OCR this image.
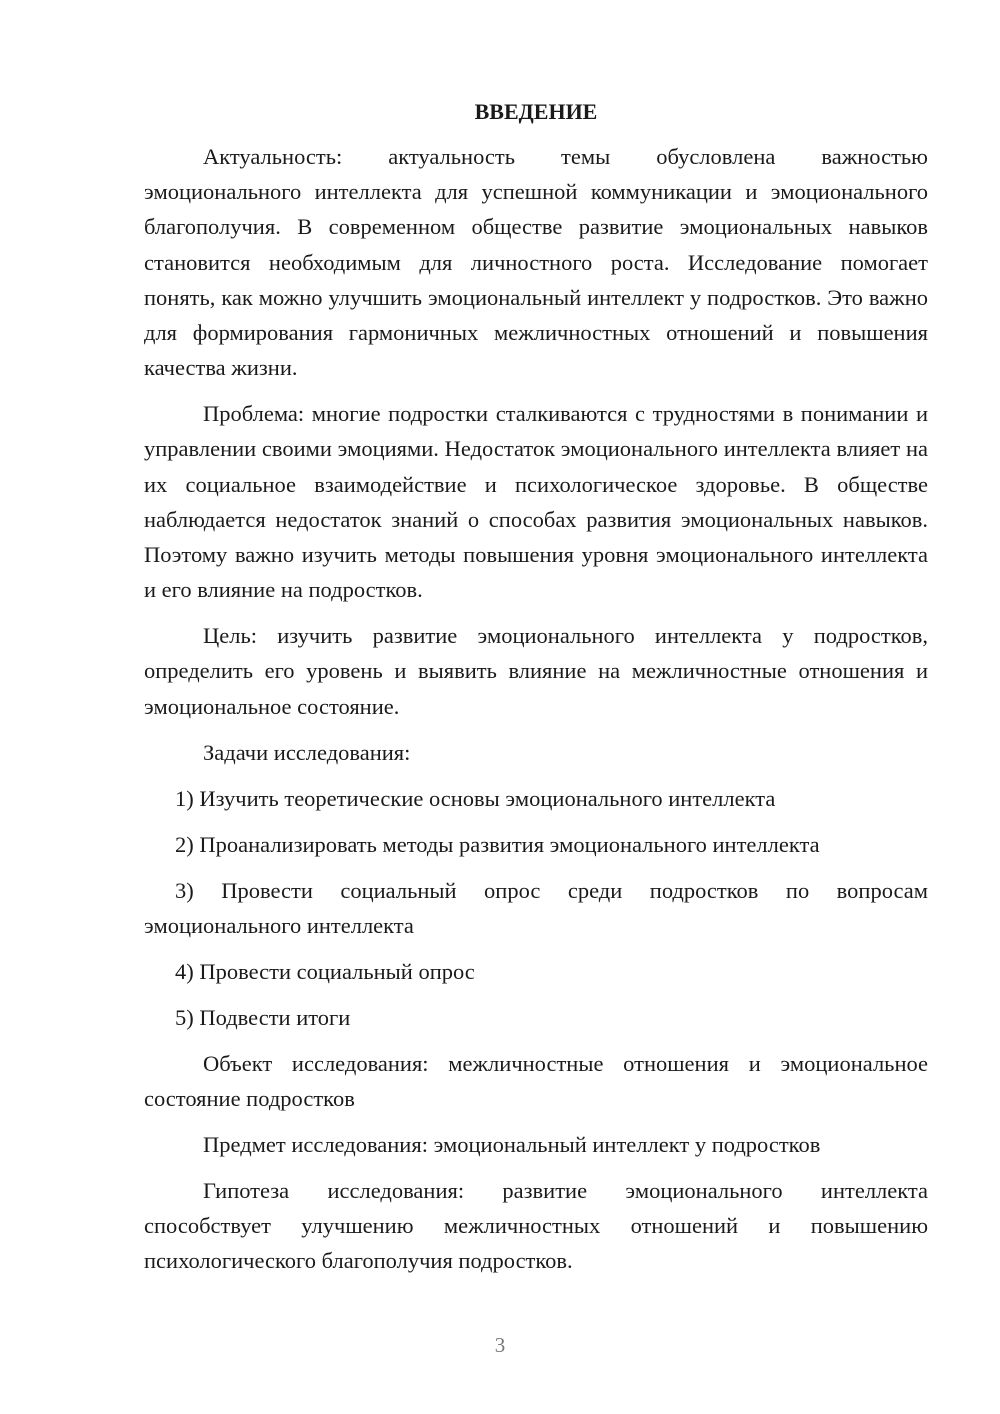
ВВЕДЕНИЕ

Актуальность: актуальность темы обусловлена важностью эмоционального интеллекта для успешной коммуникации и эмоционального благополучия. В современном обществе развитие эмоциональных навыков становится необходимым для личностного роста. Исследование помогает понять, как можно улучшить эмоциональный интеллект у подростков. Это важно для формирования гармоничных межличностных отношений и повышения качества жизни.

Проблема: многие подростки сталкиваются с трудностями в понимании и управлении своими эмоциями. Недостаток эмоционального интеллекта влияет на их социальное взаимодействие и психологическое здоровье. В обществе наблюдается недостаток знаний о способах развития эмоциональных навыков. Поэтому важно изучить методы повышения уровня эмоционального интеллекта и его влияние на подростков.

Цель: изучить развитие эмоционального интеллекта у подростков, определить его уровень и выявить влияние на межличностные отношения и эмоциональное состояние.

Задачи исследования:

1) Изучить теоретические основы эмоционального интеллекта

2) Проанализировать методы развития эмоционального интеллекта

3) Провести социальный опрос среди подростков по вопросам эмоционального интеллекта

4) Провести социальный опрос

5) Подвести итоги

Объект исследования: межличностные отношения и эмоциональное состояние подростков

Предмет исследования: эмоциональный интеллект у подростков

Гипотеза исследования: развитие эмоционального интеллекта способствует улучшению межличностных отношений и повышению психологического благополучия подростков.

3
